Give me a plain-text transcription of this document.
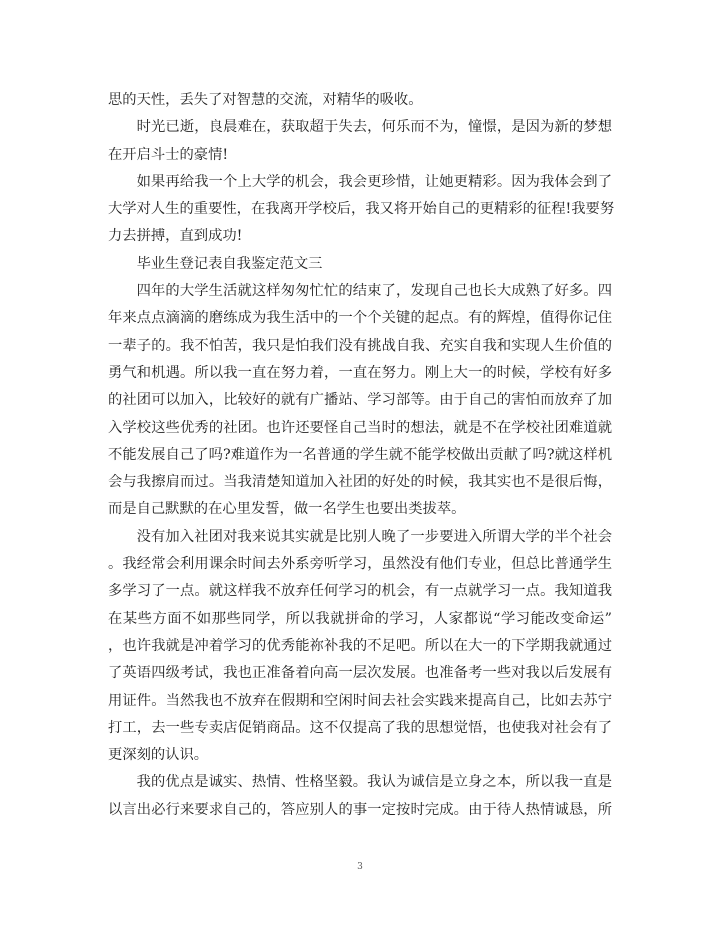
思的天性，丢失了对智慧的交流，对精华的吸收。
时光已逝，良晨难在，获取超于失去，何乐而不为，憧憬，是因为新的梦想
在开启斗士的豪情!
如果再给我一个上大学的机会，我会更珍惜，让她更精彩。因为我体会到了
大学对人生的重要性，在我离开学校后，我又将开始自己的更精彩的征程!我要努
力去拼搏，直到成功!
毕业生登记表自我鉴定范文三
四年的大学生活就这样匆匆忙忙的结束了，发现自己也长大成熟了好多。四
年来点点滴滴的磨练成为我生活中的一个个关键的起点。有的辉煌，值得你记住
一辈子的。我不怕苦，我只是怕我们没有挑战自我、充实自我和实现人生价值的
勇气和机遇。所以我一直在努力着，一直在努力。刚上大一的时候，学校有好多
的社团可以加入，比较好的就有广播站、学习部等。由于自己的害怕而放弃了加
入学校这些优秀的社团。也许还要怪自己当时的想法，就是不在学校社团难道就
不能发展自己了吗?难道作为一名普通的学生就不能学校做出贡献了吗?就这样机
会与我擦肩而过。当我清楚知道加入社团的好处的时候，我其实也不是很后悔，
而是自己默默的在心里发誓，做一名学生也要出类拔萃。
没有加入社团对我来说其实就是比别人晚了一步要进入所谓大学的半个社会
。我经常会利用课余时间去外系旁听学习，虽然没有他们专业，但总比普通学生
多学习了一点。就这样我不放弃任何学习的机会，有一点就学习一点。我知道我
在某些方面不如那些同学，所以我就拼命的学习，人家都说“学习能改变命运”
，也许我就是冲着学习的优秀能祢补我的不足吧。所以在大一的下学期我就通过
了英语四级考试，我也正准备着向高一层次发展。也准备考一些对我以后发展有
用证件。当然我也不放弃在假期和空闲时间去社会实践来提高自己，比如去苏宁
打工，去一些专卖店促销商品。这不仅提高了我的思想觉悟，也使我对社会有了
更深刻的认识。
我的优点是诚实、热情、性格坚毅。我认为诚信是立身之本，所以我一直是
以言出必行来要求自己的，答应别人的事一定按时完成。由于待人热情诚恳，所
3
